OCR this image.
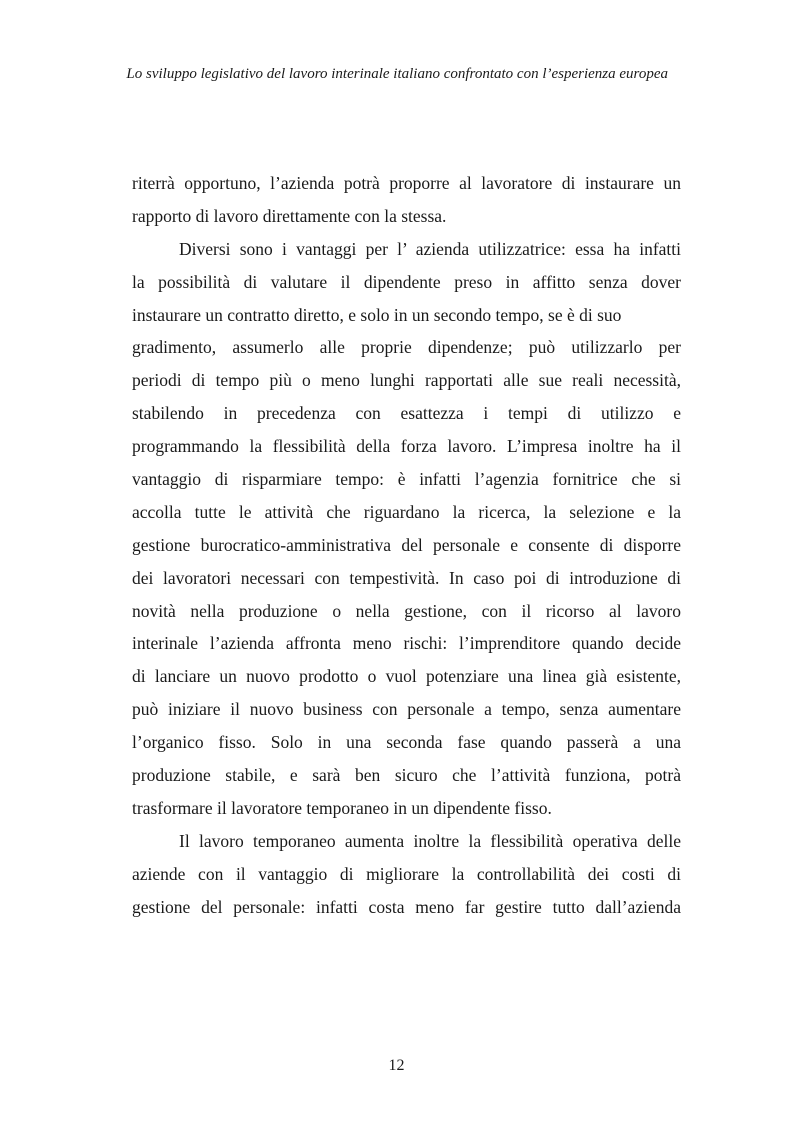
Lo sviluppo legislativo del lavoro interinale italiano confrontato con l’esperienza europea
riterrà opportuno, l’azienda potrà proporre al lavoratore di instaurare un
rapporto di lavoro direttamente con la stessa.
Diversi sono i vantaggi per l’ azienda utilizzatrice: essa ha infatti
la possibilità di valutare il dipendente preso in affitto senza dover
instaurare un contratto diretto, e solo in un secondo tempo, se è di suo
gradimento, assumerlo alle proprie dipendenze; può utilizzarlo per
periodi di tempo più o meno lunghi rapportati alle sue reali necessità,
stabilendo in precedenza con esattezza i tempi di utilizzo e
programmando la flessibilità della forza lavoro. L’impresa inoltre ha il
vantaggio di risparmiare tempo: è infatti l’agenzia fornitrice che si
accolla tutte le attività che riguardano la ricerca, la selezione e la
gestione burocratico-amministrativa del personale e consente di disporre
dei lavoratori necessari con tempestività. In caso poi di introduzione di
novità nella produzione o nella gestione, con il ricorso al lavoro
interinale l’azienda affronta meno rischi: l’imprenditore quando decide
di lanciare un nuovo prodotto o vuol potenziare una linea già esistente,
può iniziare il nuovo business con personale a tempo, senza aumentare
l’organico fisso. Solo in una seconda fase quando passerà a una
produzione stabile, e sarà ben sicuro che l’attività funziona, potrà
trasformare il lavoratore temporaneo in un dipendente fisso.
Il lavoro temporaneo aumenta inoltre la flessibilità operativa delle
aziende con il vantaggio di migliorare la controllabilità dei costi di
gestione del personale: infatti costa meno far gestire tutto dall’azienda
12
